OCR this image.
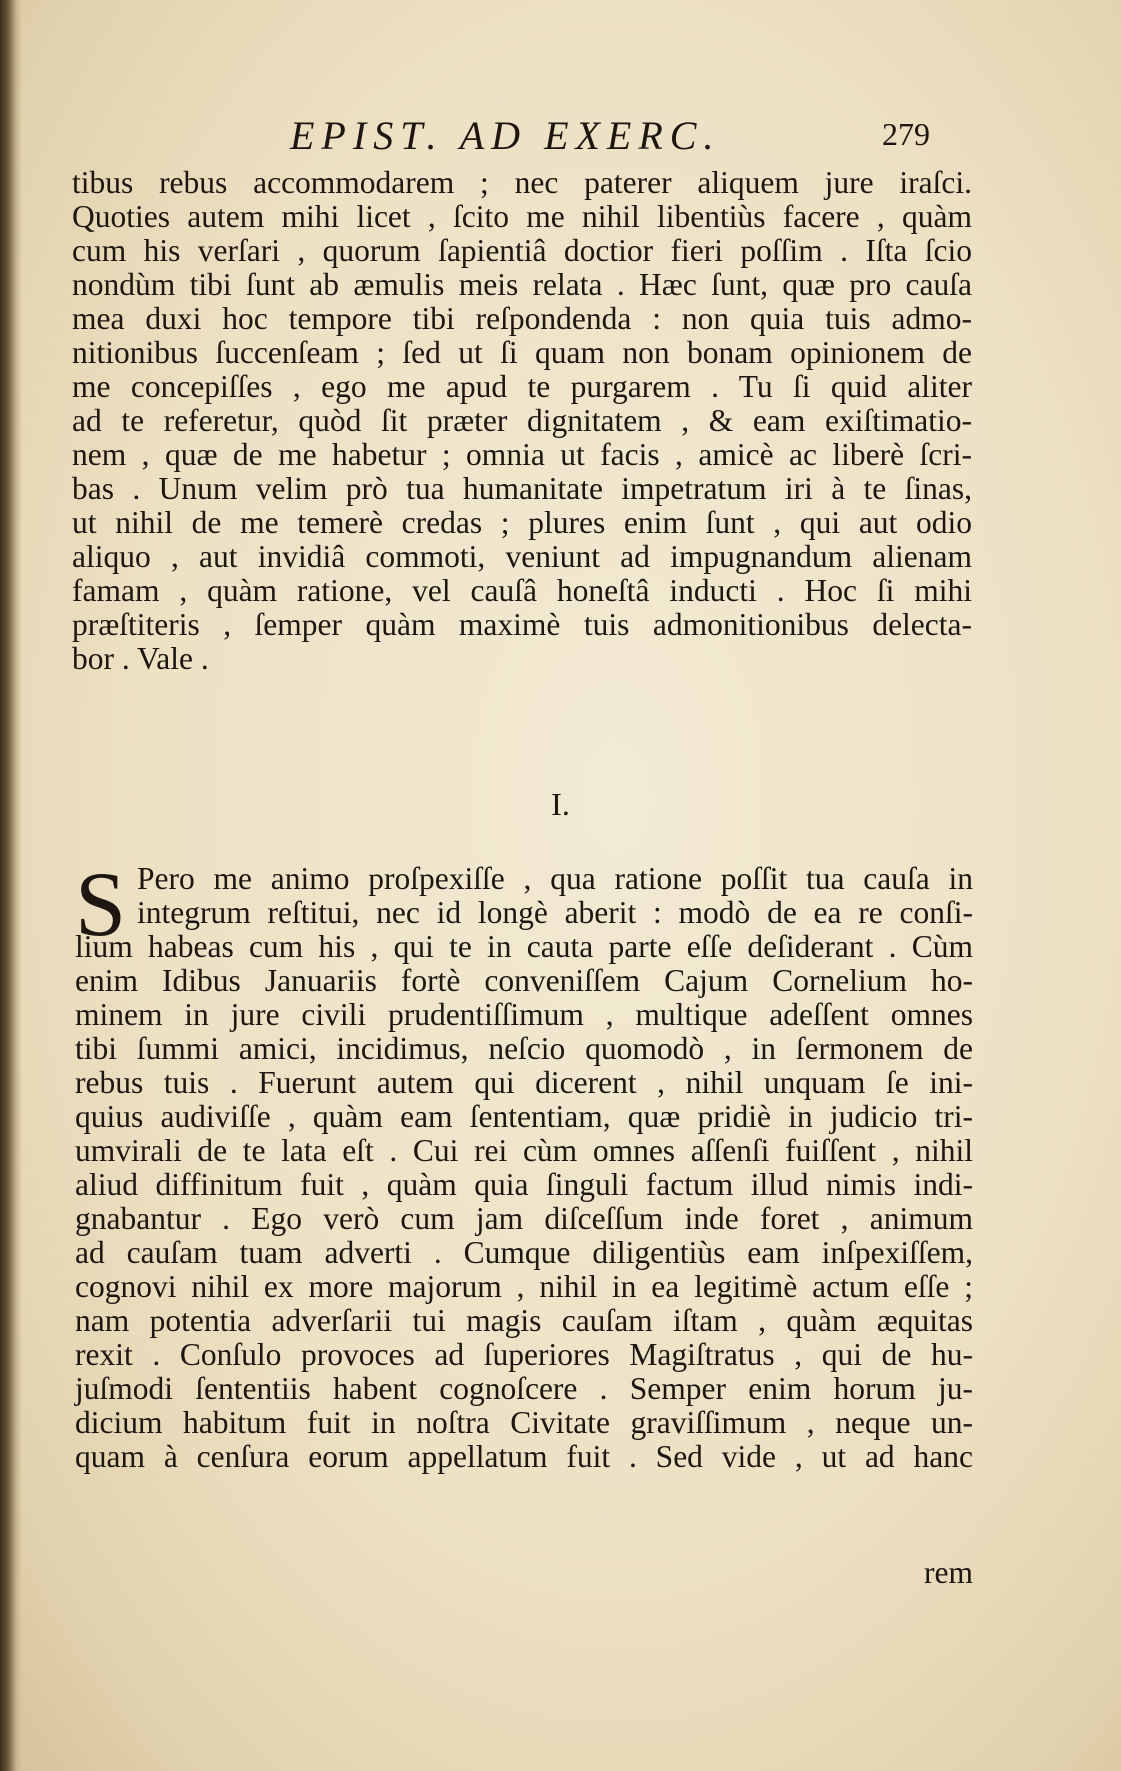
EPIST. AD EXERC.	279
tibus rebus accommodarem ; nec paterer aliquem jure iraſci.
Quoties autem mihi licet , ſcito me nihil libentiùs facere , quàm
cum his verſari , quorum ſapientiâ doctior fieri poſſim . Iſta ſcio
nondùm tibi ſunt ab æmulis meis relata . Hæc ſunt, quæ pro cauſa
mea duxi hoc tempore tibi reſpondenda : non quia tuis admo-
nitionibus ſuccenſeam ; ſed ut ſi quam non bonam opinionem de
me concepiſſes , ego me apud te purgarem . Tu ſi quid aliter
ad te referetur, quòd ſit præter dignitatem , & eam exiſtimatio-
nem , quæ de me habetur ; omnia ut facis , amicè ac liberè ſcri-
bas . Unum velim prò tua humanitate impetratum iri à te ſinas,
ut nihil de me temerè credas ; plures enim ſunt , qui aut odio
aliquo , aut invidiâ commoti, veniunt ad impugnandum alienam
famam , quàm ratione, vel cauſâ honeſtâ inducti . Hoc ſi mihi
præſtiteris , ſemper quàm maximè tuis admonitionibus delecta-
bor . Vale .
I.
S Pero me animo proſpexiſſe , qua ratione poſſit tua cauſa in
integrum reſtitui, nec id longè aberit : modò de ea re conſi-
lium habeas cum his , qui te in cauta parte eſſe deſiderant . Cùm
enim Idibus Januariis fortè conveniſſem Cajum Cornelium ho-
minem in jure civili prudentiſſimum , multique adeſſent omnes
tibi ſummi amici, incidimus, neſcio quomodò , in ſermonem de
rebus tuis . Fuerunt autem qui dicerent , nihil unquam ſe ini-
quius audiviſſe , quàm eam ſententiam, quæ pridiè in judicio tri-
umvirali de te lata eſt . Cui rei cùm omnes aſſenſi fuiſſent , nihil
aliud diffinitum fuit , quàm quia ſinguli factum illud nimis indi-
gnabantur . Ego verò cum jam diſceſſum inde foret , animum
ad cauſam tuam adverti . Cumque diligentiùs eam inſpexiſſem,
cognovi nihil ex more majorum , nihil in ea legitimè actum eſſe ;
nam potentia adverſarii tui magis cauſam iſtam , quàm æquitas
rexit . Conſulo provoces ad ſuperiores Magiſtratus , qui de hu-
juſmodi ſententiis habent cognoſcere . Semper enim horum ju-
dicium habitum fuit in noſtra Civitate graviſſimum , neque un-
quam à cenſura eorum appellatum fuit . Sed vide , ut ad hanc
rem
